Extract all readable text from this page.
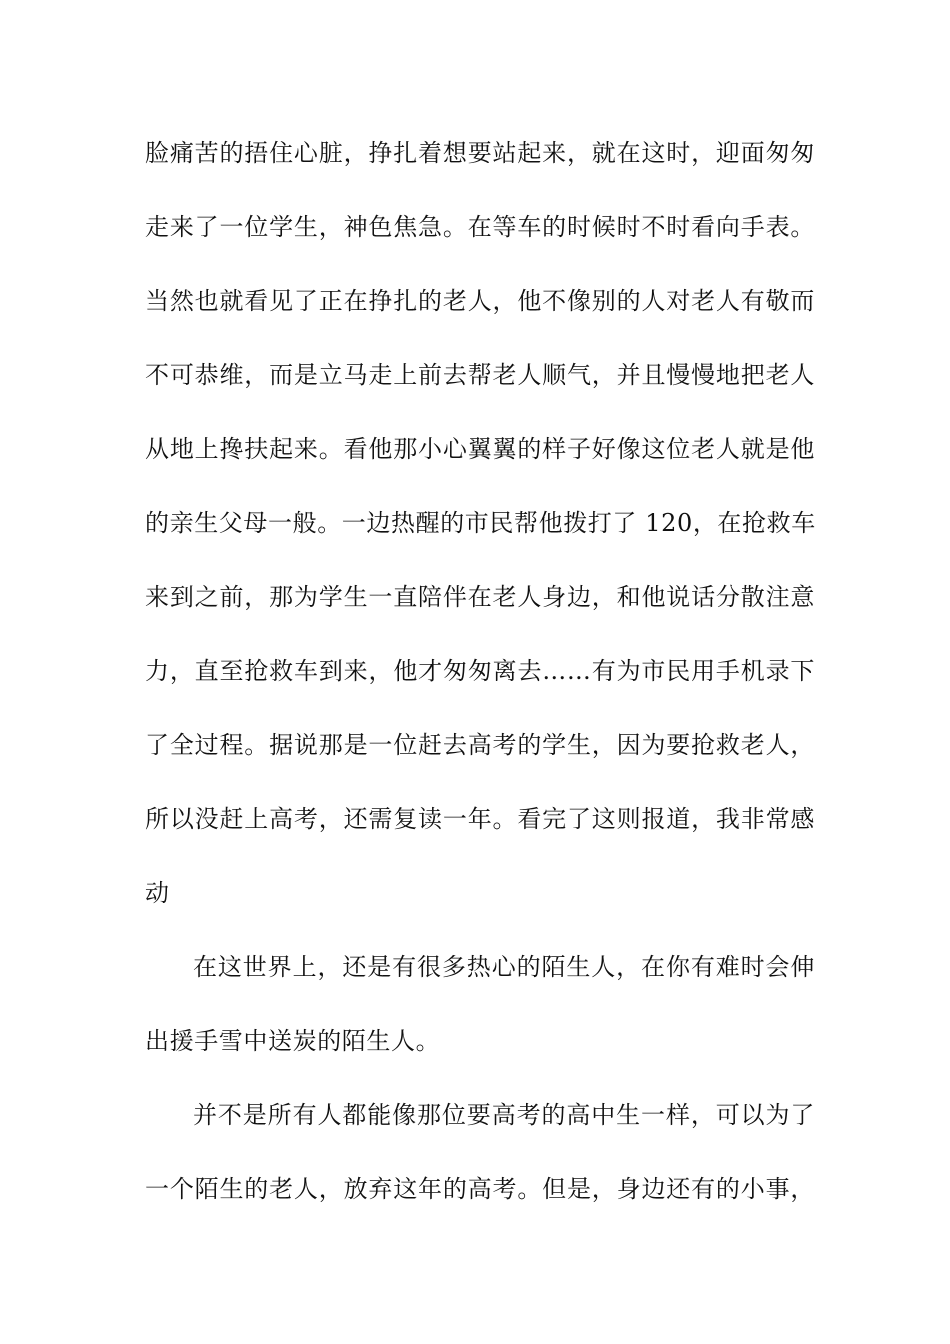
脸痛苦的捂住心脏，挣扎着想要站起来，就在这时，迎面匆匆
走来了一位学生，神色焦急。在等车的时候时不时看向手表。
当然也就看见了正在挣扎的老人，他不像别的人对老人有敬而
不可恭维，而是立马走上前去帮老人顺气，并且慢慢地把老人
从地上搀扶起来。看他那小心翼翼的样子好像这位老人就是他
的亲生父母一般。一边热醒的市民帮他拨打了 120，在抢救车
来到之前，那为学生一直陪伴在老人身边，和他说话分散注意
力，直至抢救车到来，他才匆匆离去……有为市民用手机录下
了全过程。据说那是一位赶去高考的学生，因为要抢救老人，
所以没赶上高考，还需复读一年。看完了这则报道，我非常感
动
在这世界上，还是有很多热心的陌生人，在你有难时会伸
出援手雪中送炭的陌生人。
并不是所有人都能像那位要高考的高中生一样，可以为了
一个陌生的老人，放弃这年的高考。但是，身边还有的小事，
